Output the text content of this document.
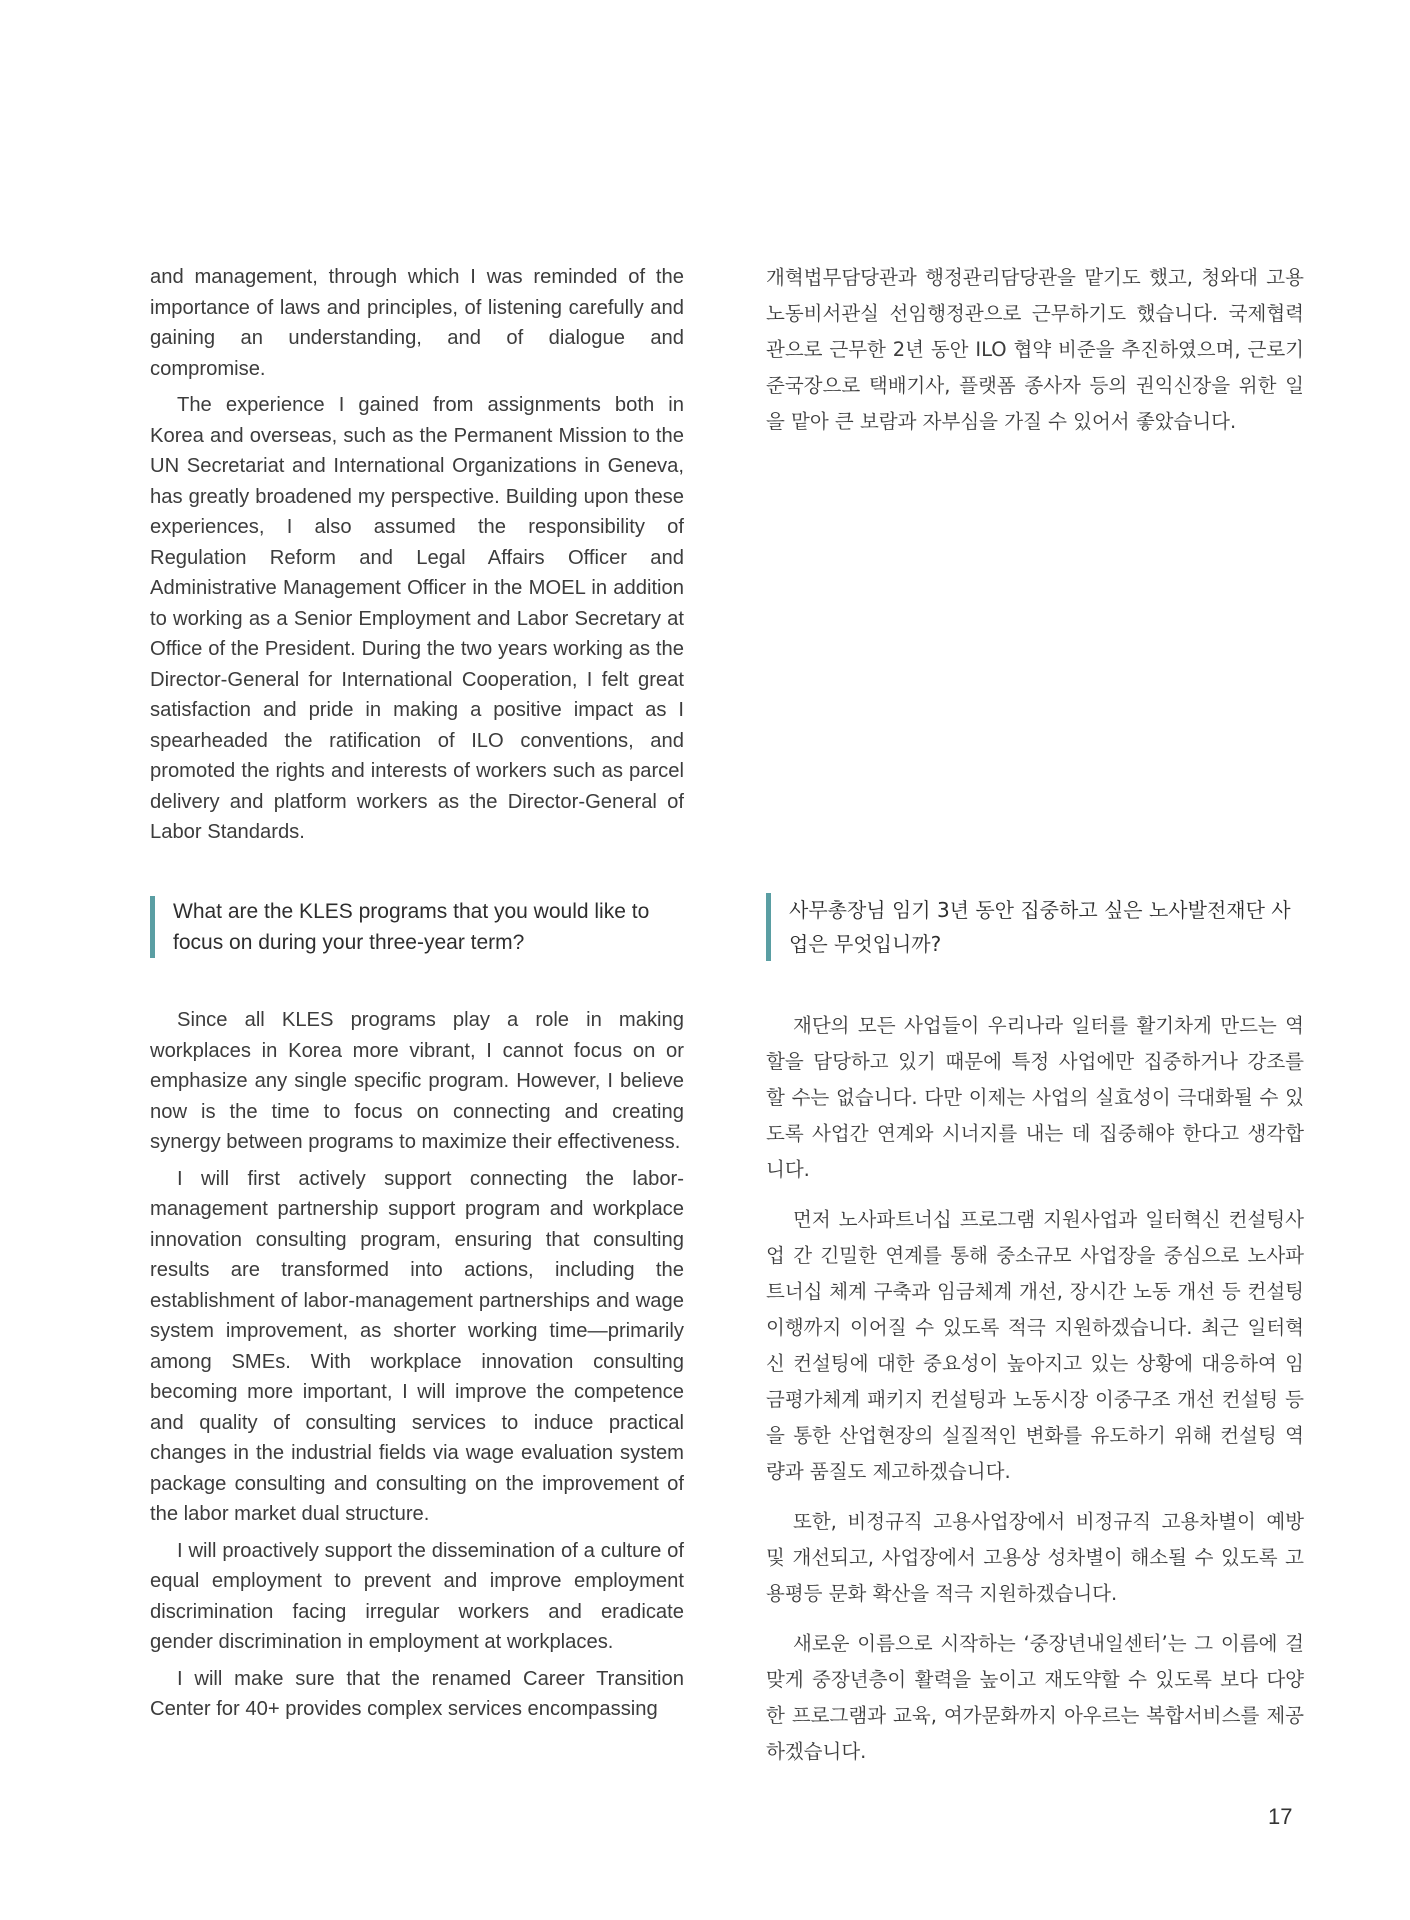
and management, through which I was reminded of the importance of laws and principles, of listening carefully and gaining an understanding, and of dialogue and compromise.

The experience I gained from assignments both in Korea and overseas, such as the Permanent Mission to the UN Secretariat and International Organizations in Geneva, has greatly broadened my perspective. Building upon these experiences, I also assumed the responsibility of Regulation Reform and Legal Affairs Officer and Administrative Management Officer in the MOEL in addition to working as a Senior Employment and Labor Secretary at Office of the President. During the two years working as the Director-General for International Cooperation, I felt great satisfaction and pride in making a positive impact as I spearheaded the ratification of ILO conventions, and promoted the rights and interests of workers such as parcel delivery and platform workers as the Director-General of Labor Standards.

개혁법무담당관과 행정관리담당관을 맡기도 했고, 청와대 고용노동비서관실 선임행정관으로 근무하기도 했습니다. 국제협력관으로 근무한 2년 동안 ILO 협약 비준을 추진하였으며, 근로기준국장으로 택배기사, 플랫폼 종사자 등의 권익신장을 위한 일을 맡아 큰 보람과 자부심을 가질 수 있어서 좋았습니다.

What are the KLES programs that you would like to focus on during your three-year term?
사무총장님 임기 3년 동안 집중하고 싶은 노사발전재단 사업은 무엇입니까?

Since all KLES programs play a role in making workplaces in Korea more vibrant, I cannot focus on or emphasize any single specific program. However, I believe now is the time to focus on connecting and creating synergy between programs to maximize their effectiveness.

I will first actively support connecting the labor-management partnership support program and workplace innovation consulting program, ensuring that consulting results are transformed into actions, including the establishment of labor-management partnerships and wage system improvement, as shorter working time—primarily among SMEs. With workplace innovation consulting becoming more important, I will improve the competence and quality of consulting services to induce practical changes in the industrial fields via wage evaluation system package consulting and consulting on the improvement of the labor market dual structure.

I will proactively support the dissemination of a culture of equal employment to prevent and improve employment discrimination facing irregular workers and eradicate gender discrimination in employment at workplaces.

I will make sure that the renamed Career Transition Center for 40+ provides complex services encompassing

재단의 모든 사업들이 우리나라 일터를 활기차게 만드는 역할을 담당하고 있기 때문에 특정 사업에만 집중하거나 강조를 할 수는 없습니다. 다만 이제는 사업의 실효성이 극대화될 수 있도록 사업간 연계와 시너지를 내는 데 집중해야 한다고 생각합니다.

먼저 노사파트너십 프로그램 지원사업과 일터혁신 컨설팅사업 간 긴밀한 연계를 통해 중소규모 사업장을 중심으로 노사파트너십 체계 구축과 임금체계 개선, 장시간 노동 개선 등 컨설팅 이행까지 이어질 수 있도록 적극 지원하겠습니다. 최근 일터혁신 컨설팅에 대한 중요성이 높아지고 있는 상황에 대응하여 임금평가체계 패키지 컨설팅과 노동시장 이중구조 개선 컨설팅 등을 통한 산업현장의 실질적인 변화를 유도하기 위해 컨설팅 역량과 품질도 제고하겠습니다.

또한, 비정규직 고용사업장에서 비정규직 고용차별이 예방 및 개선되고, 사업장에서 고용상 성차별이 해소될 수 있도록 고용평등 문화 확산을 적극 지원하겠습니다.

새로운 이름으로 시작하는 ‘중장년내일센터’는 그 이름에 걸맞게 중장년층이 활력을 높이고 재도약할 수 있도록 보다 다양한 프로그램과 교육, 여가문화까지 아우르는 복합서비스를 제공하겠습니다.

17
